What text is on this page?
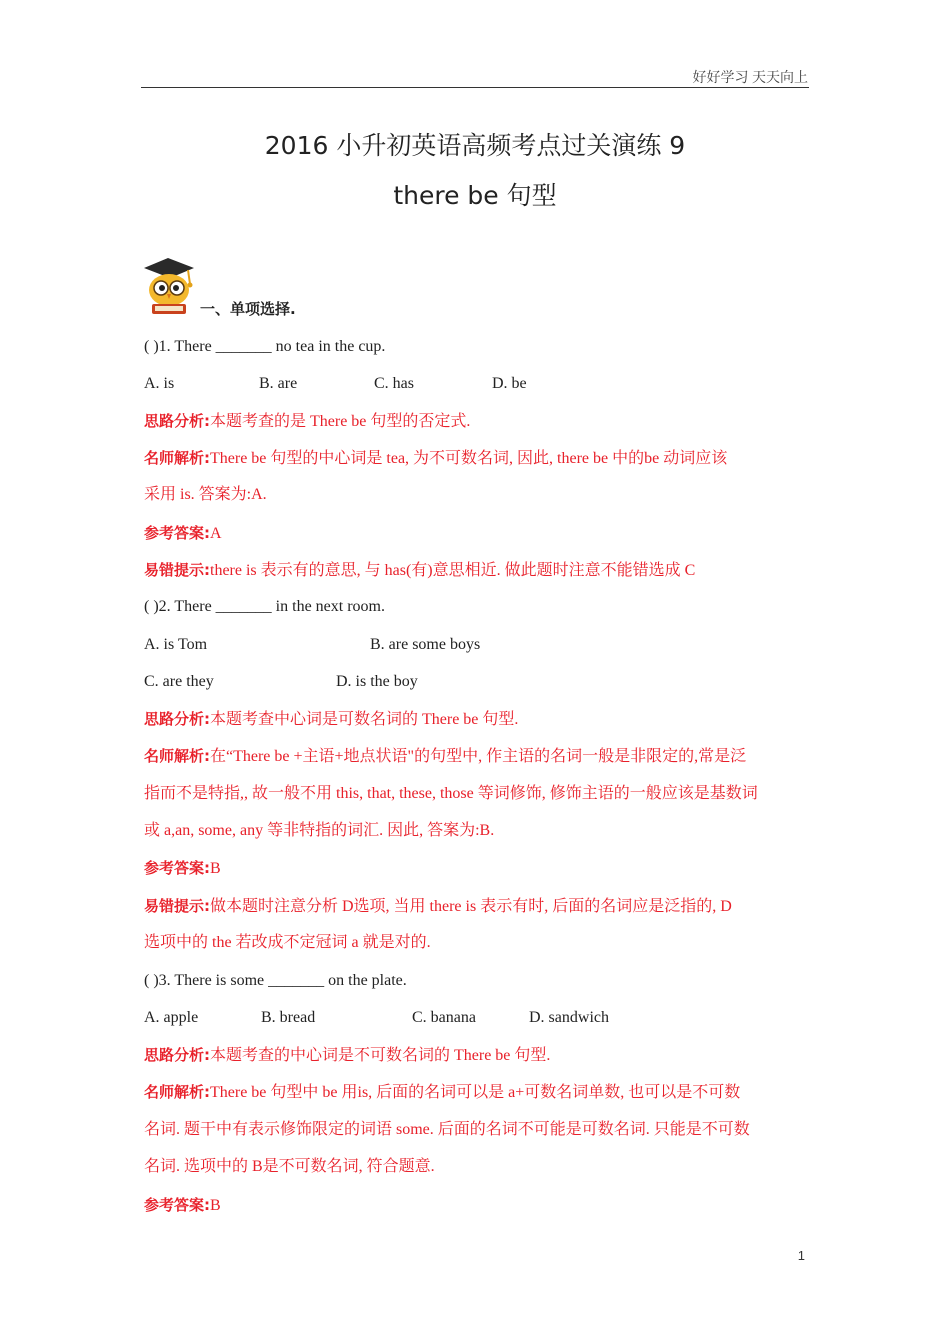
好好学习 天天向上
2016 小升初英语高频考点过关演练 9
there be 句型
一、单项选择.
( )1. There _______ no tea in the cup.
A. is	B. are	C. has	D. be
思路分析:本题考查的是 There be 句型的否定式.
名师解析:There be 句型的中心词是 tea, 为不可数名词, 因此, there be 中的be 动词应该
采用 is. 答案为:A.
参考答案:A
易错提示:there is 表示有的意思, 与 has(有)意思相近. 做此题时注意不能错选成 C
( )2. There _______ in the next room.
A. is Tom	B. are some boys
C. are they	D. is the boy
思路分析:本题考查中心词是可数名词的 There be 句型.
名师解析:在“There be +主语+地点状语"的句型中, 作主语的名词一般是非限定的,常是泛
指而不是特指,, 故一般不用 this, that, these, those 等词修饰, 修饰主语的一般应该是基数词
或 a,an, some, any 等非特指的词汇. 因此, 答案为:B.
参考答案:B
易错提示:做本题时注意分析 D选项, 当用 there is 表示有时, 后面的名词应是泛指的, D
选项中的 the 若改成不定冠词 a 就是对的.
( )3. There is some _______ on the plate.
A. apple	B. bread	C. banana	D. sandwich
思路分析:本题考查的中心词是不可数名词的 There be 句型.
名师解析:There be 句型中 be 用is, 后面的名词可以是 a+可数名词单数, 也可以是不可数
名词. 题干中有表示修饰限定的词语 some. 后面的名词不可能是可数名词. 只能是不可数
名词. 选项中的 B是不可数名词, 符合题意.
参考答案:B
1
